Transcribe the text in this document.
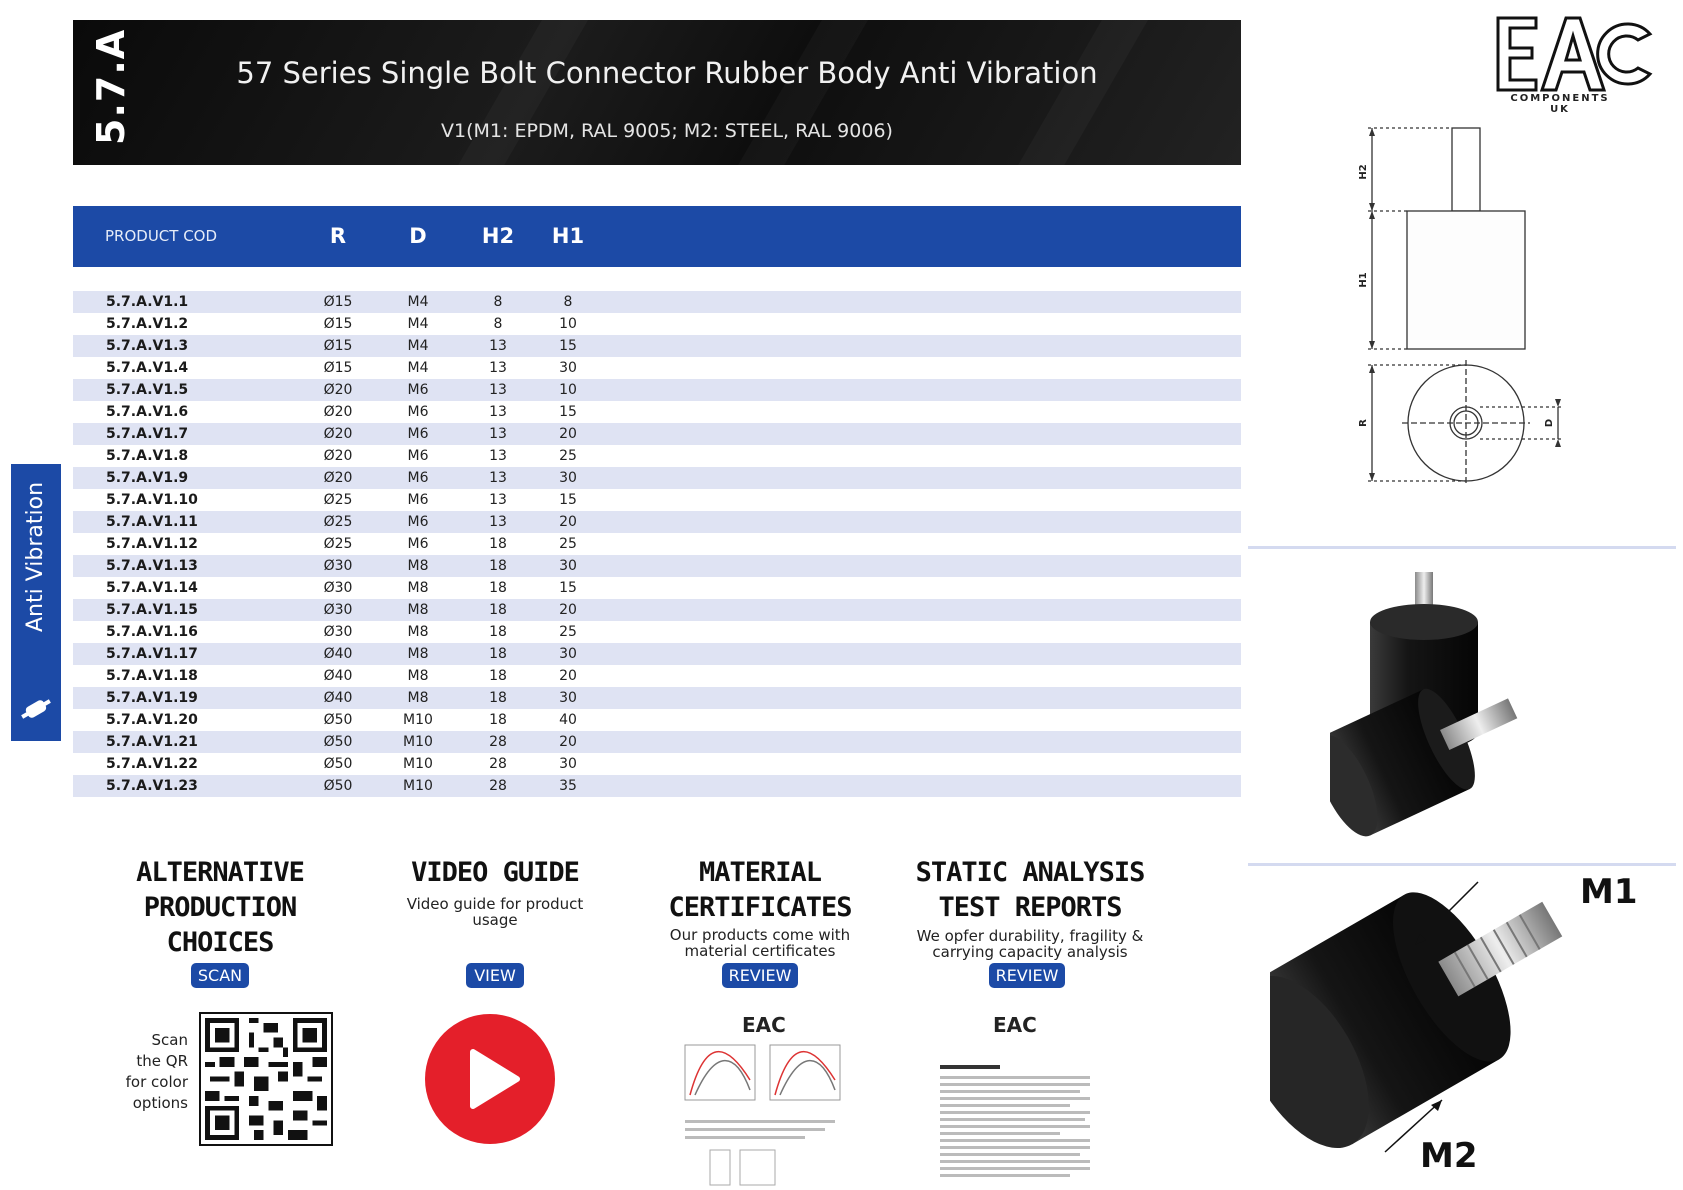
5.7.A	57 Series Single Bolt Connector Rubber Body Anti Vibration
V1(M1: EPDM, RAL 9005; M2: STEEL, RAL 9006)
PRODUCT COD	R	D	H2	H1
5.7.A.V1.1	Ø15	M4	8	8
5.7.A.V1.2	Ø15	M4	8	10
5.7.A.V1.3	Ø15	M4	13	15
5.7.A.V1.4	Ø15	M4	13	30
5.7.A.V1.5	Ø20	M6	13	10
5.7.A.V1.6	Ø20	M6	13	15
5.7.A.V1.7	Ø20	M6	13	20
5.7.A.V1.8	Ø20	M6	13	25
5.7.A.V1.9	Ø20	M6	13	30
5.7.A.V1.10	Ø25	M6	13	15
5.7.A.V1.11	Ø25	M6	13	20
5.7.A.V1.12	Ø25	M6	18	25
5.7.A.V1.13	Ø30	M8	18	30
5.7.A.V1.14	Ø30	M8	18	15
5.7.A.V1.15	Ø30	M8	18	20
5.7.A.V1.16	Ø30	M8	18	25
5.7.A.V1.17	Ø40	M8	18	30
5.7.A.V1.18	Ø40	M8	18	20
5.7.A.V1.19	Ø40	M8	18	30
5.7.A.V1.20	Ø50	M10	18	40
5.7.A.V1.21	Ø50	M10	28	20
5.7.A.V1.22	Ø50	M10	28	30
5.7.A.V1.23	Ø50	M10	28	35
Anti Vibration
COMPONENTS UK
H2
H1
R	D
M1
M2
ALTERNATIVE
PRODUCTION
CHOICES
SCAN
Scan
the QR
for color
options
VIDEO GUIDE
Video guide for product
usage
VIEW
MATERIAL
CERTIFICATES
Our products come with
material certificates
REVIEW
EAC
STATIC ANALYSIS
TEST REPORTS
We opfer durability, fragility &
carrying capacity analysis
REVIEW
EAC
